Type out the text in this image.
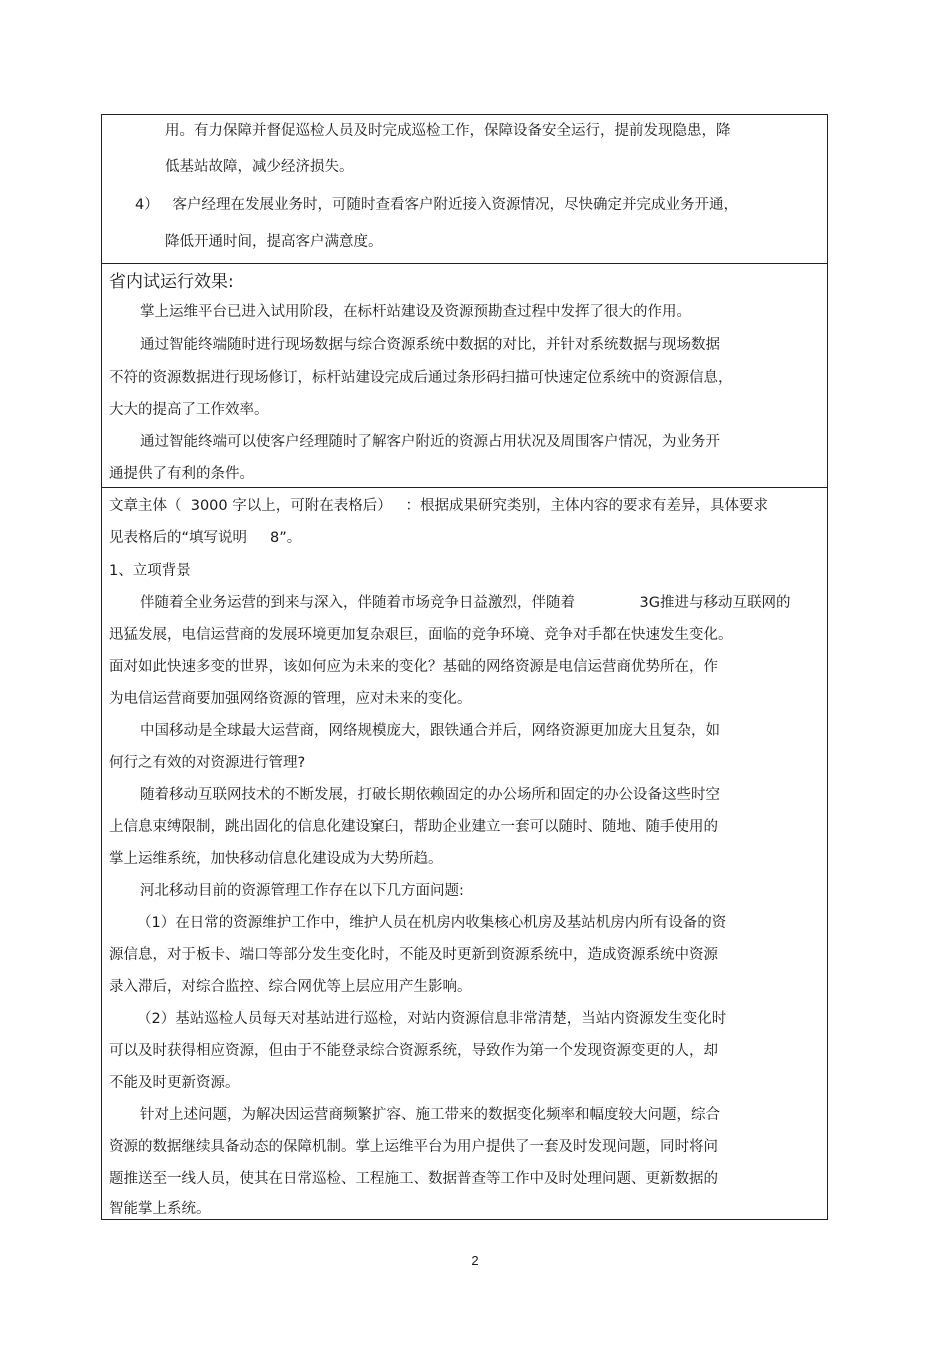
用。有力保障并督促巡检人员及时完成巡检工作，保障设备安全运行，提前发现隐患，降
低基站故障，减少经济损失。
4）   客户经理在发展业务时，可随时查看客户附近接入资源情况，尽快确定并完成业务开通，
降低开通时间，提高客户满意度。
省内试运行效果:
掌上运维平台已进入试用阶段，在标杆站建设及资源预勘查过程中发挥了很大的作用。
通过智能终端随时进行现场数据与综合资源系统中数据的对比，并针对系统数据与现场数据
不符的资源数据进行现场修订，标杆站建设完成后通过条形码扫描可快速定位系统中的资源信息，
大大的提高了工作效率。
通过智能终端可以使客户经理随时了解客户附近的资源占用状况及周围客户情况，为业务开
通提供了有利的条件。
文章主体（  3000 字以上，可附在表格后）   ：根据成果研究类别，主体内容的要求有差异，具体要求
见表格后的“填写说明     8”。
1、立项背景
伴随着全业务运营的到来与深入，伴随着市场竞争日益激烈，伴随着              3G推进与移动互联网的
迅猛发展，电信运营商的发展环境更加复杂艰巨，面临的竞争环境、竞争对手都在快速发生变化。
面对如此快速多变的世界，该如何应为未来的变化？基础的网络资源是电信运营商优势所在，作
为电信运营商要加强网络资源的管理，应对未来的变化。
中国移动是全球最大运营商，网络规模庞大，跟铁通合并后，网络资源更加庞大且复杂，如
何行之有效的对资源进行管理?
随着移动互联网技术的不断发展，打破长期依赖固定的办公场所和固定的办公设备这些时空
上信息束缚限制，跳出固化的信息化建设窠臼，帮助企业建立一套可以随时、随地、随手使用的
掌上运维系统，加快移动信息化建设成为大势所趋。
河北移动目前的资源管理工作存在以下几方面问题:
（1）在日常的资源维护工作中，维护人员在机房内收集核心机房及基站机房内所有设备的资
源信息，对于板卡、端口等部分发生变化时，不能及时更新到资源系统中，造成资源系统中资源
录入滞后，对综合监控、综合网优等上层应用产生影响。
（2）基站巡检人员每天对基站进行巡检，对站内资源信息非常清楚，当站内资源发生变化时
可以及时获得相应资源，但由于不能登录综合资源系统，导致作为第一个发现资源变更的人，却
不能及时更新资源。
针对上述问题，为解决因运营商频繁扩容、施工带来的数据变化频率和幅度较大问题，综合
资源的数据继续具备动态的保障机制。掌上运维平台为用户提供了一套及时发现问题，同时将问
题推送至一线人员，使其在日常巡检、工程施工、数据普查等工作中及时处理问题、更新数据的
智能掌上系统。
2
